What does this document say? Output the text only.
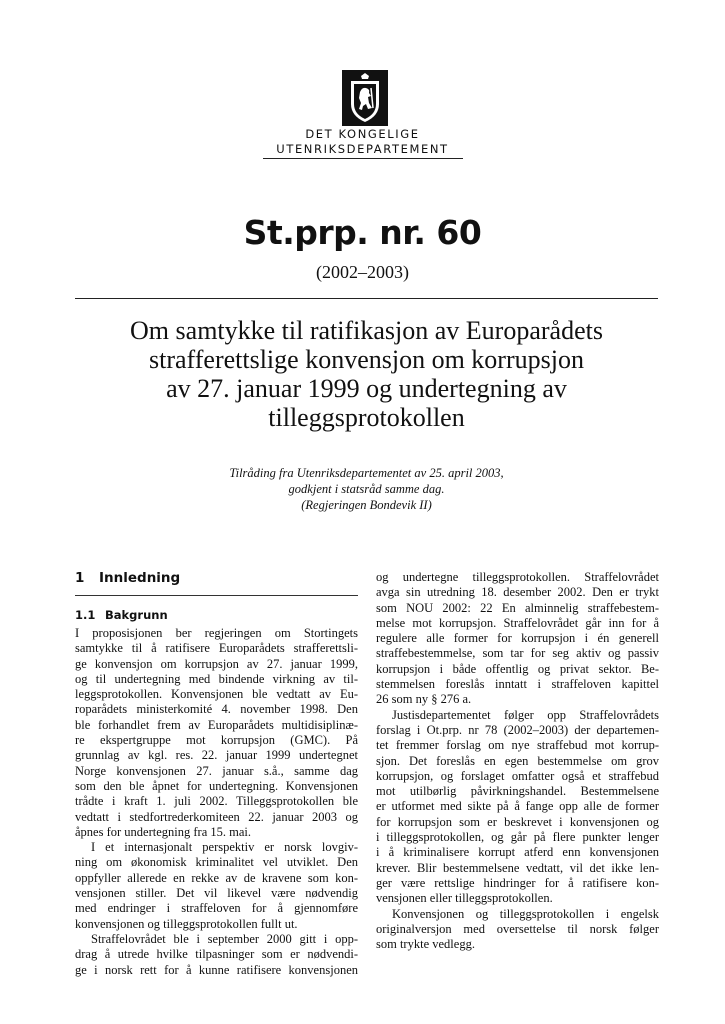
DET KONGELIGE
UTENRIKSDEPARTEMENT
St.prp. nr. 60
(2002–2003)
Om samtykke til ratifikasjon av Europarådets
strafferettslige konvensjon om korrupsjon
av 27. januar 1999 og undertegning av
tilleggsprotokollen
Tilråding fra Utenriksdepartementet av 25. april 2003,
godkjent i statsråd samme dag.
(Regjeringen Bondevik II)
1 Innledning
1.1 Bakgrunn
I proposisjonen ber regjeringen om Stortingets
samtykke til å ratifisere Europarådets strafferettsli-
ge konvensjon om korrupsjon av 27. januar 1999,
og til undertegning med bindende virkning av til-
leggsprotokollen. Konvensjonen ble vedtatt av Eu-
roparådets ministerkomité 4. november 1998. Den
ble forhandlet frem av Europarådets multidisiplinæ-
re ekspertgruppe mot korrupsjon (GMC). På
grunnlag av kgl. res. 22. januar 1999 undertegnet
Norge konvensjonen 27. januar s.å., samme dag
som den ble åpnet for undertegning. Konvensjonen
trådte i kraft 1. juli 2002. Tilleggsprotokollen ble
vedtatt i stedfortrederkomiteen 22. januar 2003 og
åpnes for undertegning fra 15. mai.
I et internasjonalt perspektiv er norsk lovgiv-
ning om økonomisk kriminalitet vel utviklet. Den
oppfyller allerede en rekke av de kravene som kon-
vensjonen stiller. Det vil likevel være nødvendig
med endringer i straffeloven for å gjennomføre
konvensjonen og tilleggsprotokollen fullt ut.
Straffelovrådet ble i september 2000 gitt i opp-
drag å utrede hvilke tilpasninger som er nødvendi-
ge i norsk rett for å kunne ratifisere konvensjonen
og undertegne tilleggsprotokollen. Straffelovrådet
avga sin utredning 18. desember 2002. Den er trykt
som NOU 2002: 22 En alminnelig straffebestem-
melse mot korrupsjon. Straffelovrådet går inn for å
regulere alle former for korrupsjon i én generell
straffebestemmelse, som tar for seg aktiv og passiv
korrupsjon i både offentlig og privat sektor. Be-
stemmelsen foreslås inntatt i straffeloven kapittel
26 som ny § 276 a.
Justisdepartementet følger opp Straffelovrådets
forslag i Ot.prp. nr 78 (2002–2003) der departemen-
tet fremmer forslag om nye straffebud mot korrup-
sjon. Det foreslås en egen bestemmelse om grov
korrupsjon, og forslaget omfatter også et straffebud
mot utilbørlig påvirkningshandel. Bestemmelsene
er utformet med sikte på å fange opp alle de former
for korrupsjon som er beskrevet i konvensjonen og
i tilleggsprotokollen, og går på flere punkter lenger
i å kriminalisere korrupt atferd enn konvensjonen
krever. Blir bestemmelsene vedtatt, vil det ikke len-
ger være rettslige hindringer for å ratifisere kon-
vensjonen eller tilleggsprotokollen.
Konvensjonen og tilleggsprotokollen i engelsk
originalversjon med oversettelse til norsk følger
som trykte vedlegg.
